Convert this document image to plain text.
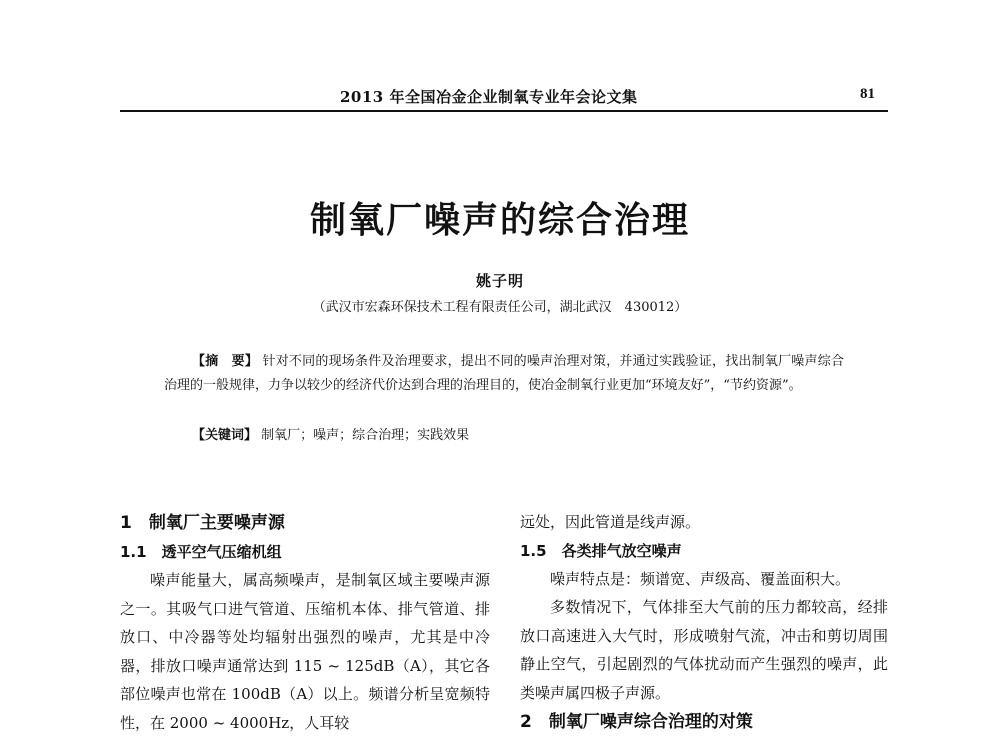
2013 年全国冶金企业制氧专业年会论文集	81
制氧厂噪声的综合治理
姚子明
（武汉市宏森环保技术工程有限责任公司，湖北武汉　430012）
【摘　要】 针对不同的现场条件及治理要求，提出不同的噪声治理对策，并通过实践验证，找出制氧厂噪声综合治理的一般规律，力争以较少的经济代价达到合理的治理目的，使冶金制氧行业更加“环境友好”，“节约资源”。
【关键词】 制氧厂；噪声；综合治理；实践效果
1　制氧厂主要噪声源
1.1　透平空气压缩机组

噪声能量大，属高频噪声，是制氧区域主要噪声源之一。其吸气口进气管道、压缩机本体、排气管道、排放口、中冷器等处均辐射出强烈的噪声，尤其是中冷器，排放口噪声通常达到 115 ~ 125dB（A），其它各部位噪声也常在 100dB（A）以上。频谱分析呈宽频特性，在 2000 ~ 4000Hz，人耳较

远处，因此管道是线声源。

1.5　各类排气放空噪声

噪声特点是：频谱宽、声级高、覆盖面积大。

多数情况下，气体排至大气前的压力都较高，经排放口高速进入大气时，形成喷射气流，冲击和剪切周围静止空气，引起剧烈的气体扰动而产生强烈的噪声，此类噪声属四极子声源。

2　制氧厂噪声综合治理的对策
